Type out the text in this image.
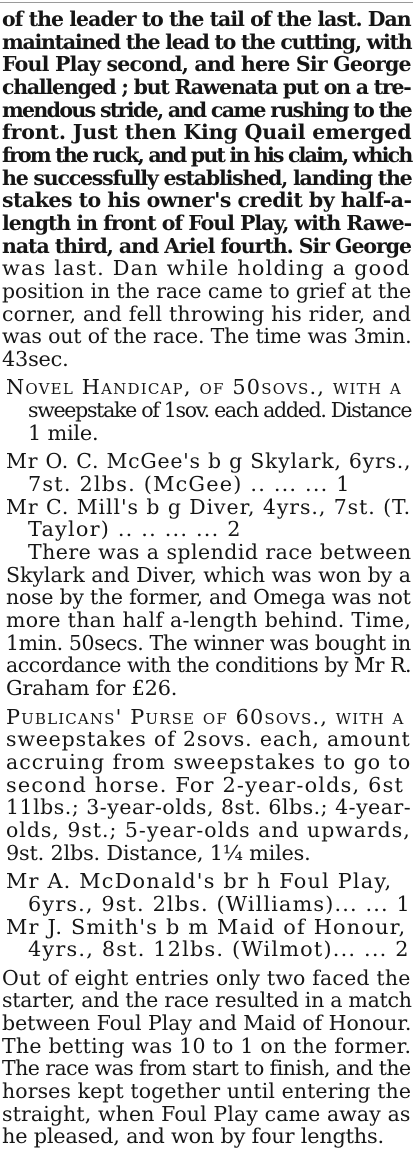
of the leader to the tail of the last. Dan
maintained the lead to the cutting, with
Foul Play second, and here Sir George
challenged ; but Rawenata put on a tre-
mendous stride, and came rushing to the
front. Just then King Quail emerged
from the ruck, and put in his claim, which
he successfully established, landing the
stakes to his owner's credit by half-a-
length in front of Foul Play, with Rawe-
nata third, and Ariel fourth. Sir George
was last. Dan while holding a good
position in the race came to grief at the
corner, and fell throwing his rider, and
was out of the race. The time was 3min.
43sec.
Novel Handicap, of 50sovs., with a
sweepstake of 1sov. each added. Distance
1 mile.
Mr O. C. McGee's b g Skylark, 6yrs.,
7st. 2lbs. (McGee) .. ... ... 1
Mr C. Mill's b g Diver, 4yrs., 7st. (T.
Taylor) .. .. ... ... 2
There was a splendid race between
Skylark and Diver, which was won by a
nose by the former, and Omega was not
more than half a-length behind. Time,
1min. 50secs. The winner was bought in
accordance with the conditions by Mr R.
Graham for £26.
Publicans' Purse of 60sovs., with a
sweepstakes of 2sovs. each, amount
accruing from sweepstakes to go to
second horse. For 2-year-olds, 6st
11lbs.; 3-year-olds, 8st. 6lbs.; 4-year-
olds, 9st.; 5-year-olds and upwards,
9st. 2lbs. Distance, 1¼ miles.
Mr A. McDonald's br h Foul Play,
6yrs., 9st. 2lbs. (Williams)... ... 1
Mr J. Smith's b m Maid of Honour,
4yrs., 8st. 12lbs. (Wilmot)... ... 2
Out of eight entries only two faced the
starter, and the race resulted in a match
between Foul Play and Maid of Honour.
The betting was 10 to 1 on the former.
The race was from start to finish, and the
horses kept together until entering the
straight, when Foul Play came away as
he pleased, and won by four lengths.
